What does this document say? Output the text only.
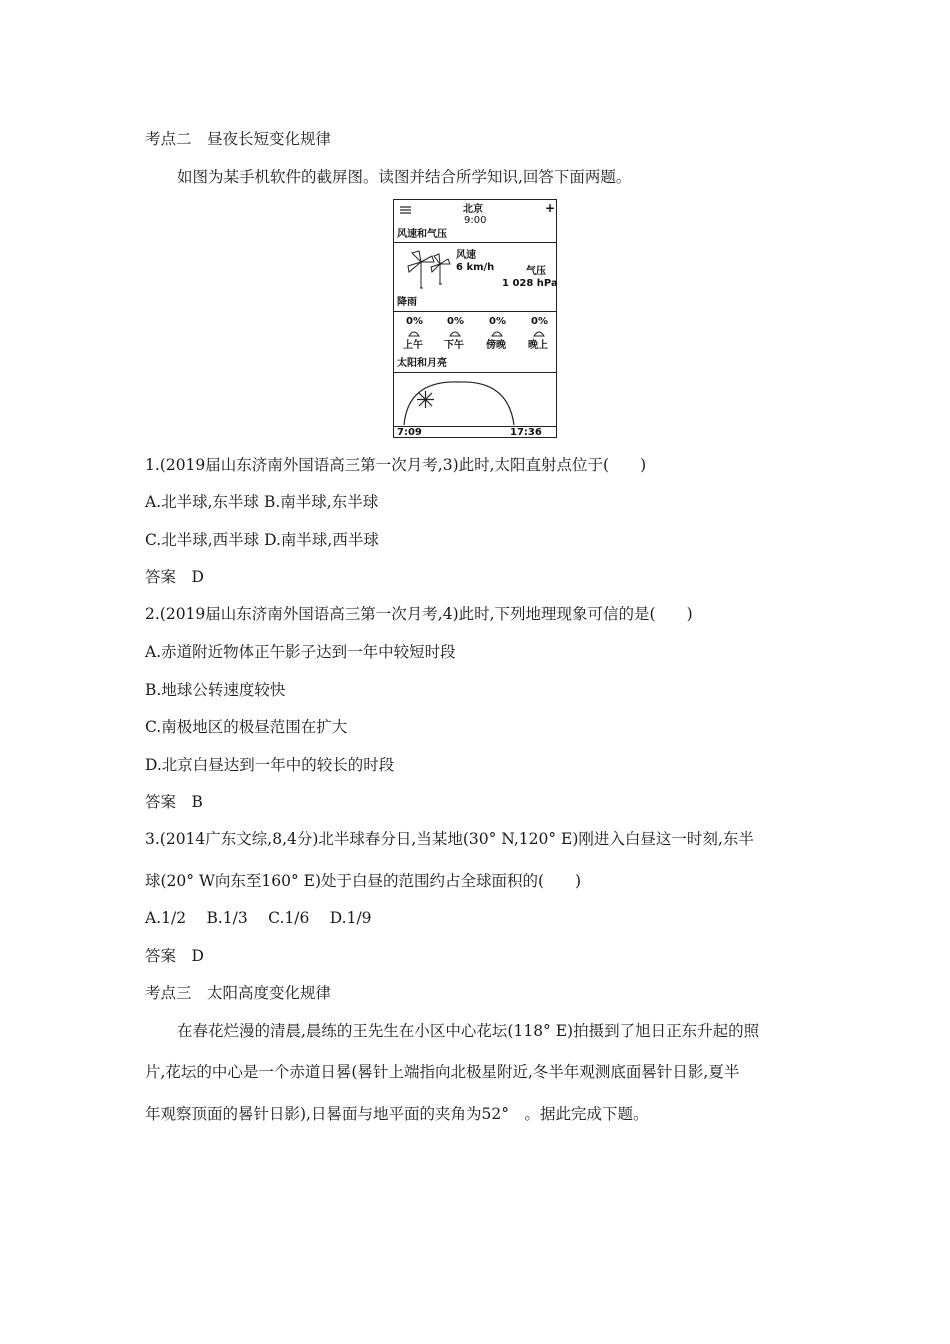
考点二　昼夜长短变化规律
如图为某手机软件的截屏图。读图并结合所学知识,回答下面两题。
北京
9:00
+
风速和气压
风速
6 km/h	气压
1 028 hPa
降雨
0%
上午
0%
下午
0%
傍晚
0%
晚上
太阳和月亮
7:09	17:36
1.(2019届山东济南外国语高三第一次月考,3)此时,太阳直射点位于(　　)
A.北半球,东半球 B.南半球,东半球
C.北半球,西半球 D.南半球,西半球
答案　D
2.(2019届山东济南外国语高三第一次月考,4)此时,下列地理现象可信的是(　　)
A.赤道附近物体正午影子达到一年中较短时段
B.地球公转速度较快
C.南极地区的极昼范围在扩大
D.北京白昼达到一年中的较长的时段
答案　B
3.(2014广东文综,8,4分)北半球春分日,当某地(30° N,120° E)刚进入白昼这一时刻,东半
球(20° W向东至160° E)处于白昼的范围约占全球面积的(　　)
A.1/2　 B.1/3　 C.1/6　 D.1/9
答案　D
考点三　太阳高度变化规律
在春花烂漫的清晨,晨练的王先生在小区中心花坛(118° E)拍摄到了旭日正东升起的照
片,花坛的中心是一个赤道日晷(晷针上端指向北极星附近,冬半年观测底面晷针日影,夏半
年观察顶面的晷针日影),日晷面与地平面的夹角为52°　。据此完成下题。
